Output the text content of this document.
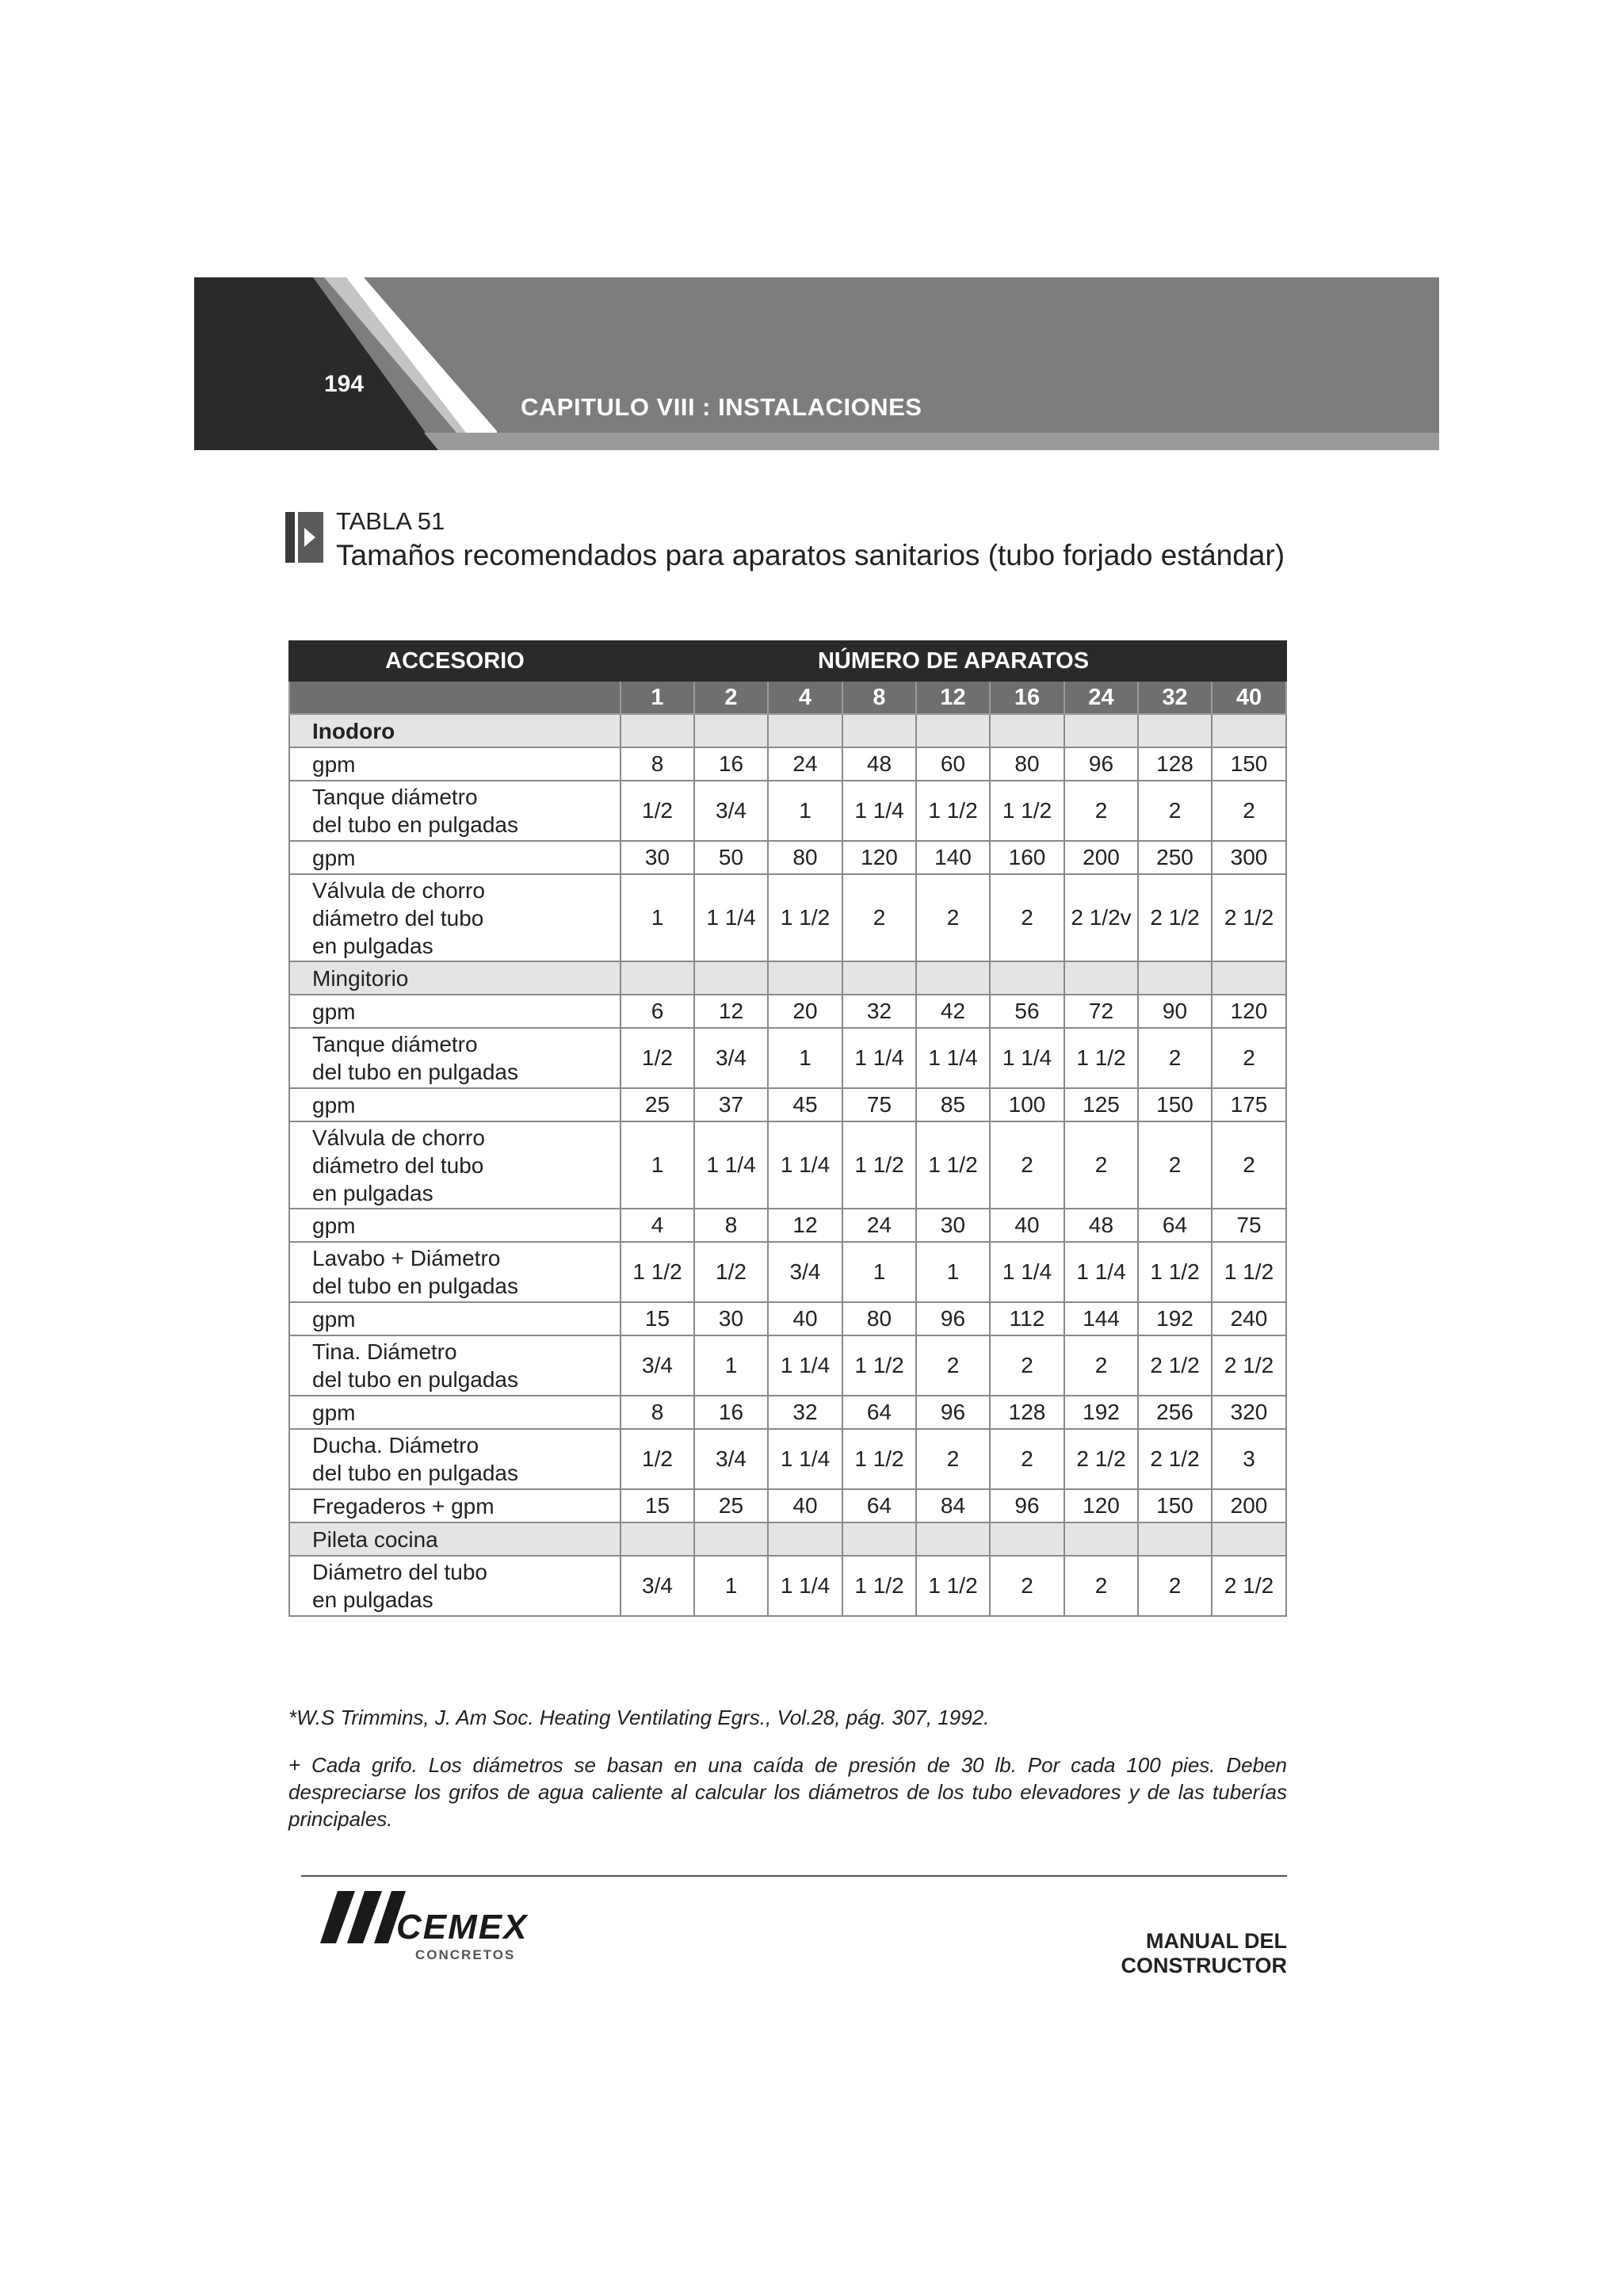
194
CAPITULO VIII : INSTALACIONES
TABLA 51
Tamaños recomendados para aparatos sanitarios (tubo forjado estándar)
ACCESORIO	NÚMERO DE APARATOS								
	1	2	4	8	12	16	24	32	40

Inodoro									

gpm	8	16	24	48	60	80	96	128	150

Tanque diámetro
del tubo en pulgadas	1/2	3/4	1	1 1/4	1 1/2	1 1/2	2	2	2

gpm	30	50	80	120	140	160	200	250	300

Válvula de chorro
diámetro del tubo
en pulgadas	1	1 1/4	1 1/2	2	2	2	2 1/2v	2 1/2	2 1/2

Mingitorio									

gpm	6	12	20	32	42	56	72	90	120

Tanque diámetro
del tubo en pulgadas	1/2	3/4	1	1 1/4	1 1/4	1 1/4	1 1/2	2	2

gpm	25	37	45	75	85	100	125	150	175

Válvula de chorro
diámetro del tubo
en pulgadas	1	1 1/4	1 1/4	1 1/2	1 1/2	2	2	2	2

gpm	4	8	12	24	30	40	48	64	75

Lavabo + Diámetro
del tubo en pulgadas	1 1/2	1/2	3/4	1	1	1 1/4	1 1/4	1 1/2	1 1/2

gpm	15	30	40	80	96	112	144	192	240

Tina. Diámetro
del tubo en pulgadas	3/4	1	1 1/4	1 1/2	2	2	2	2 1/2	2 1/2

gpm	8	16	32	64	96	128	192	256	320

Ducha. Diámetro
del tubo en pulgadas	1/2	3/4	1 1/4	1 1/2	2	2	2 1/2	2 1/2	3

Fregaderos + gpm	15	25	40	64	84	96	120	150	200

Pileta cocina									

Diámetro del tubo
en pulgadas	3/4	1	1 1/4	1 1/2	1 1/2	2	2	2	2 1/2
*W.S Trimmins, J. Am Soc. Heating Ventilating Egrs., Vol.28, pág. 307, 1992.
+ Cada grifo. Los diámetros se basan en una caída de presión de 30 lb. Por cada 100 pies. Deben despreciarse los grifos de agua caliente al calcular los diámetros de los tubo elevadores y de las tuberías principales.
CEMEX
CONCRETOS
MANUAL DEL CONSTRUCTOR
